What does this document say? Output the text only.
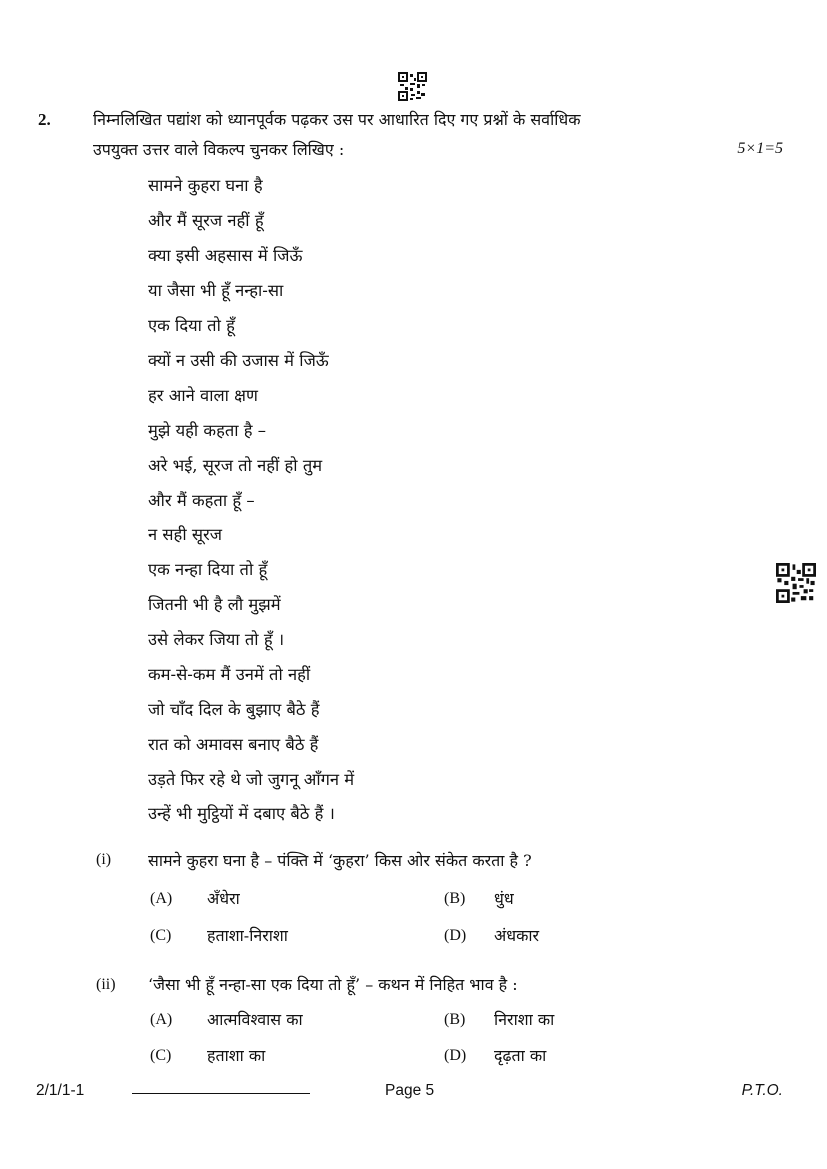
2.	निम्नलिखित पद्यांश को ध्यानपूर्वक पढ़कर उस पर आधारित दिए गए प्रश्नों के सर्वाधिक
उपयुक्त उत्तर वाले विकल्प चुनकर लिखिए :	5×1=5
सामने कुहरा घना है
और मैं सूरज नहीं हूँ
क्या इसी अहसास में जिऊँ
या जैसा भी हूँ नन्हा-सा
एक दिया तो हूँ
क्यों न उसी की उजास में जिऊँ
हर आने वाला क्षण
मुझे यही कहता है –
अरे भई, सूरज तो नहीं हो तुम
और मैं कहता हूँ –
न सही सूरज
एक नन्हा दिया तो हूँ
जितनी भी है लौ मुझमें
उसे लेकर जिया तो हूँ ।
कम-से-कम मैं उनमें तो नहीं
जो चाँद दिल के बुझाए बैठे हैं
रात को अमावस बनाए बैठे हैं
उड़ते फिर रहे थे जो जुगनू आँगन में
उन्हें भी मुट्ठियों में दबाए बैठे हैं ।
(i) सामने कुहरा घना है – पंक्ति में ‘कुहरा’ किस ओर संकेत करता है ?
(A) अँधेरा	(B) धुंध
(C) हताशा-निराशा	(D) अंधकार
(ii) ‘जैसा भी हूँ नन्हा-सा एक दिया तो हूँ’ – कथन में निहित भाव है :
(A) आत्मविश्वास का	(B) निराशा का
(C) हताशा का	(D) दृढ़ता का
2/1/1-1	Page 5	P.T.O.
